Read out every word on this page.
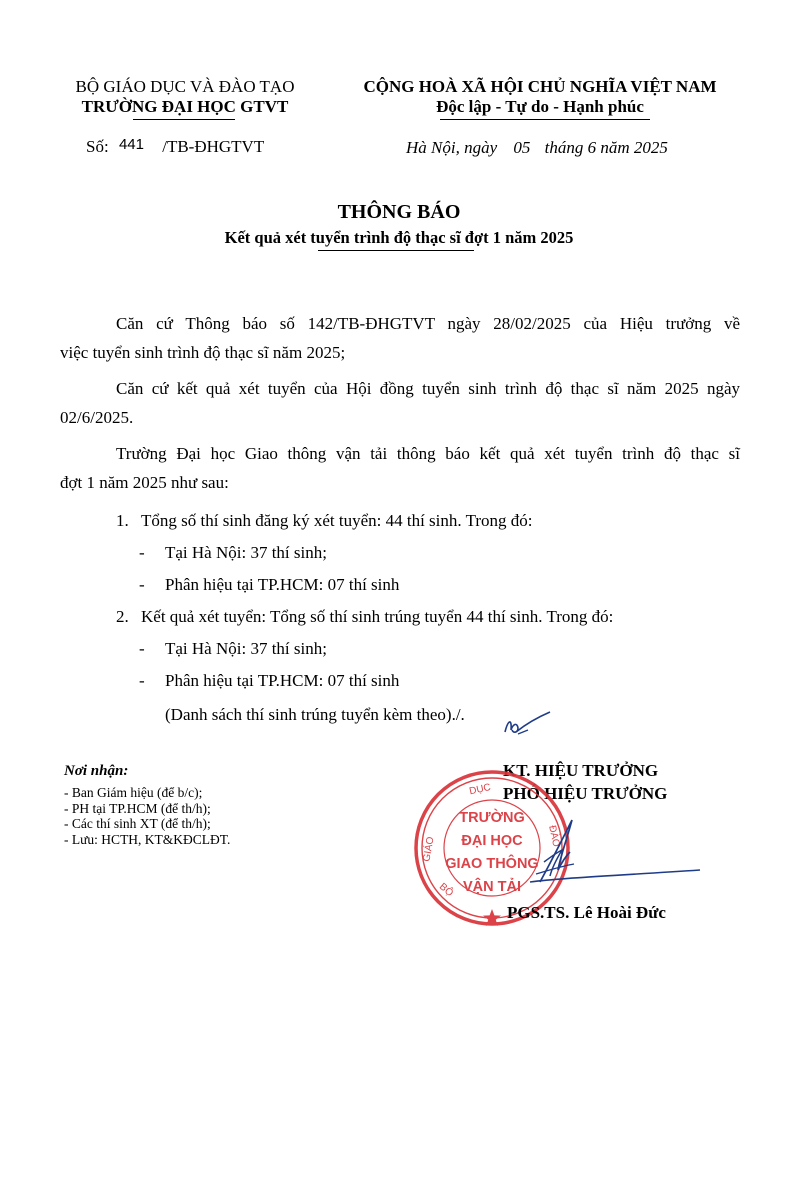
BỘ GIÁO DỤC VÀ ĐÀO TẠO
TRƯỜNG ĐẠI HỌC GTVT
CỘNG HOÀ XÃ HỘI CHỦ NGHĨA VIỆT NAM
Độc lập - Tự do - Hạnh phúc
Số: 441 /TB-ĐHGTVT	Hà Nội, ngày 05 tháng 6 năm 2025
THÔNG BÁO
Kết quả xét tuyển trình độ thạc sĩ đợt 1 năm 2025
Căn cứ Thông báo số 142/TB-ĐHGTVT ngày 28/02/2025 của Hiệu trưởng về
việc tuyển sinh trình độ thạc sĩ năm 2025;
Căn cứ kết quả xét tuyển của Hội đồng tuyển sinh trình độ thạc sĩ năm 2025 ngày
02/6/2025.
Trường Đại học Giao thông vận tải thông báo kết quả xét tuyển trình độ thạc sĩ
đợt 1 năm 2025 như sau:
1. Tổng số thí sinh đăng ký xét tuyển: 44 thí sinh. Trong đó:
- Tại Hà Nội: 37 thí sinh;
- Phân hiệu tại TP.HCM: 07 thí sinh
2. Kết quả xét tuyển: Tổng số thí sinh trúng tuyển 44 thí sinh. Trong đó:
- Tại Hà Nội: 37 thí sinh;
- Phân hiệu tại TP.HCM: 07 thí sinh
(Danh sách thí sinh trúng tuyển kèm theo)./.
Nơi nhận:
- Ban Giám hiệu (để b/c);
- PH tại TP.HCM (để th/h);
- Các thí sinh XT (để th/h);
- Lưu: HCTH, KT&KĐCLĐT.
KT. HIỆU TRƯỞNG
PHÓ HIỆU TRƯỞNG
DỤC
GIÁO	ĐÀO
BỘ
TRƯỜNG
ĐẠI HỌC
GIAO THÔNG
VẬN TẢI
PGS.TS. Lê Hoài Đức
